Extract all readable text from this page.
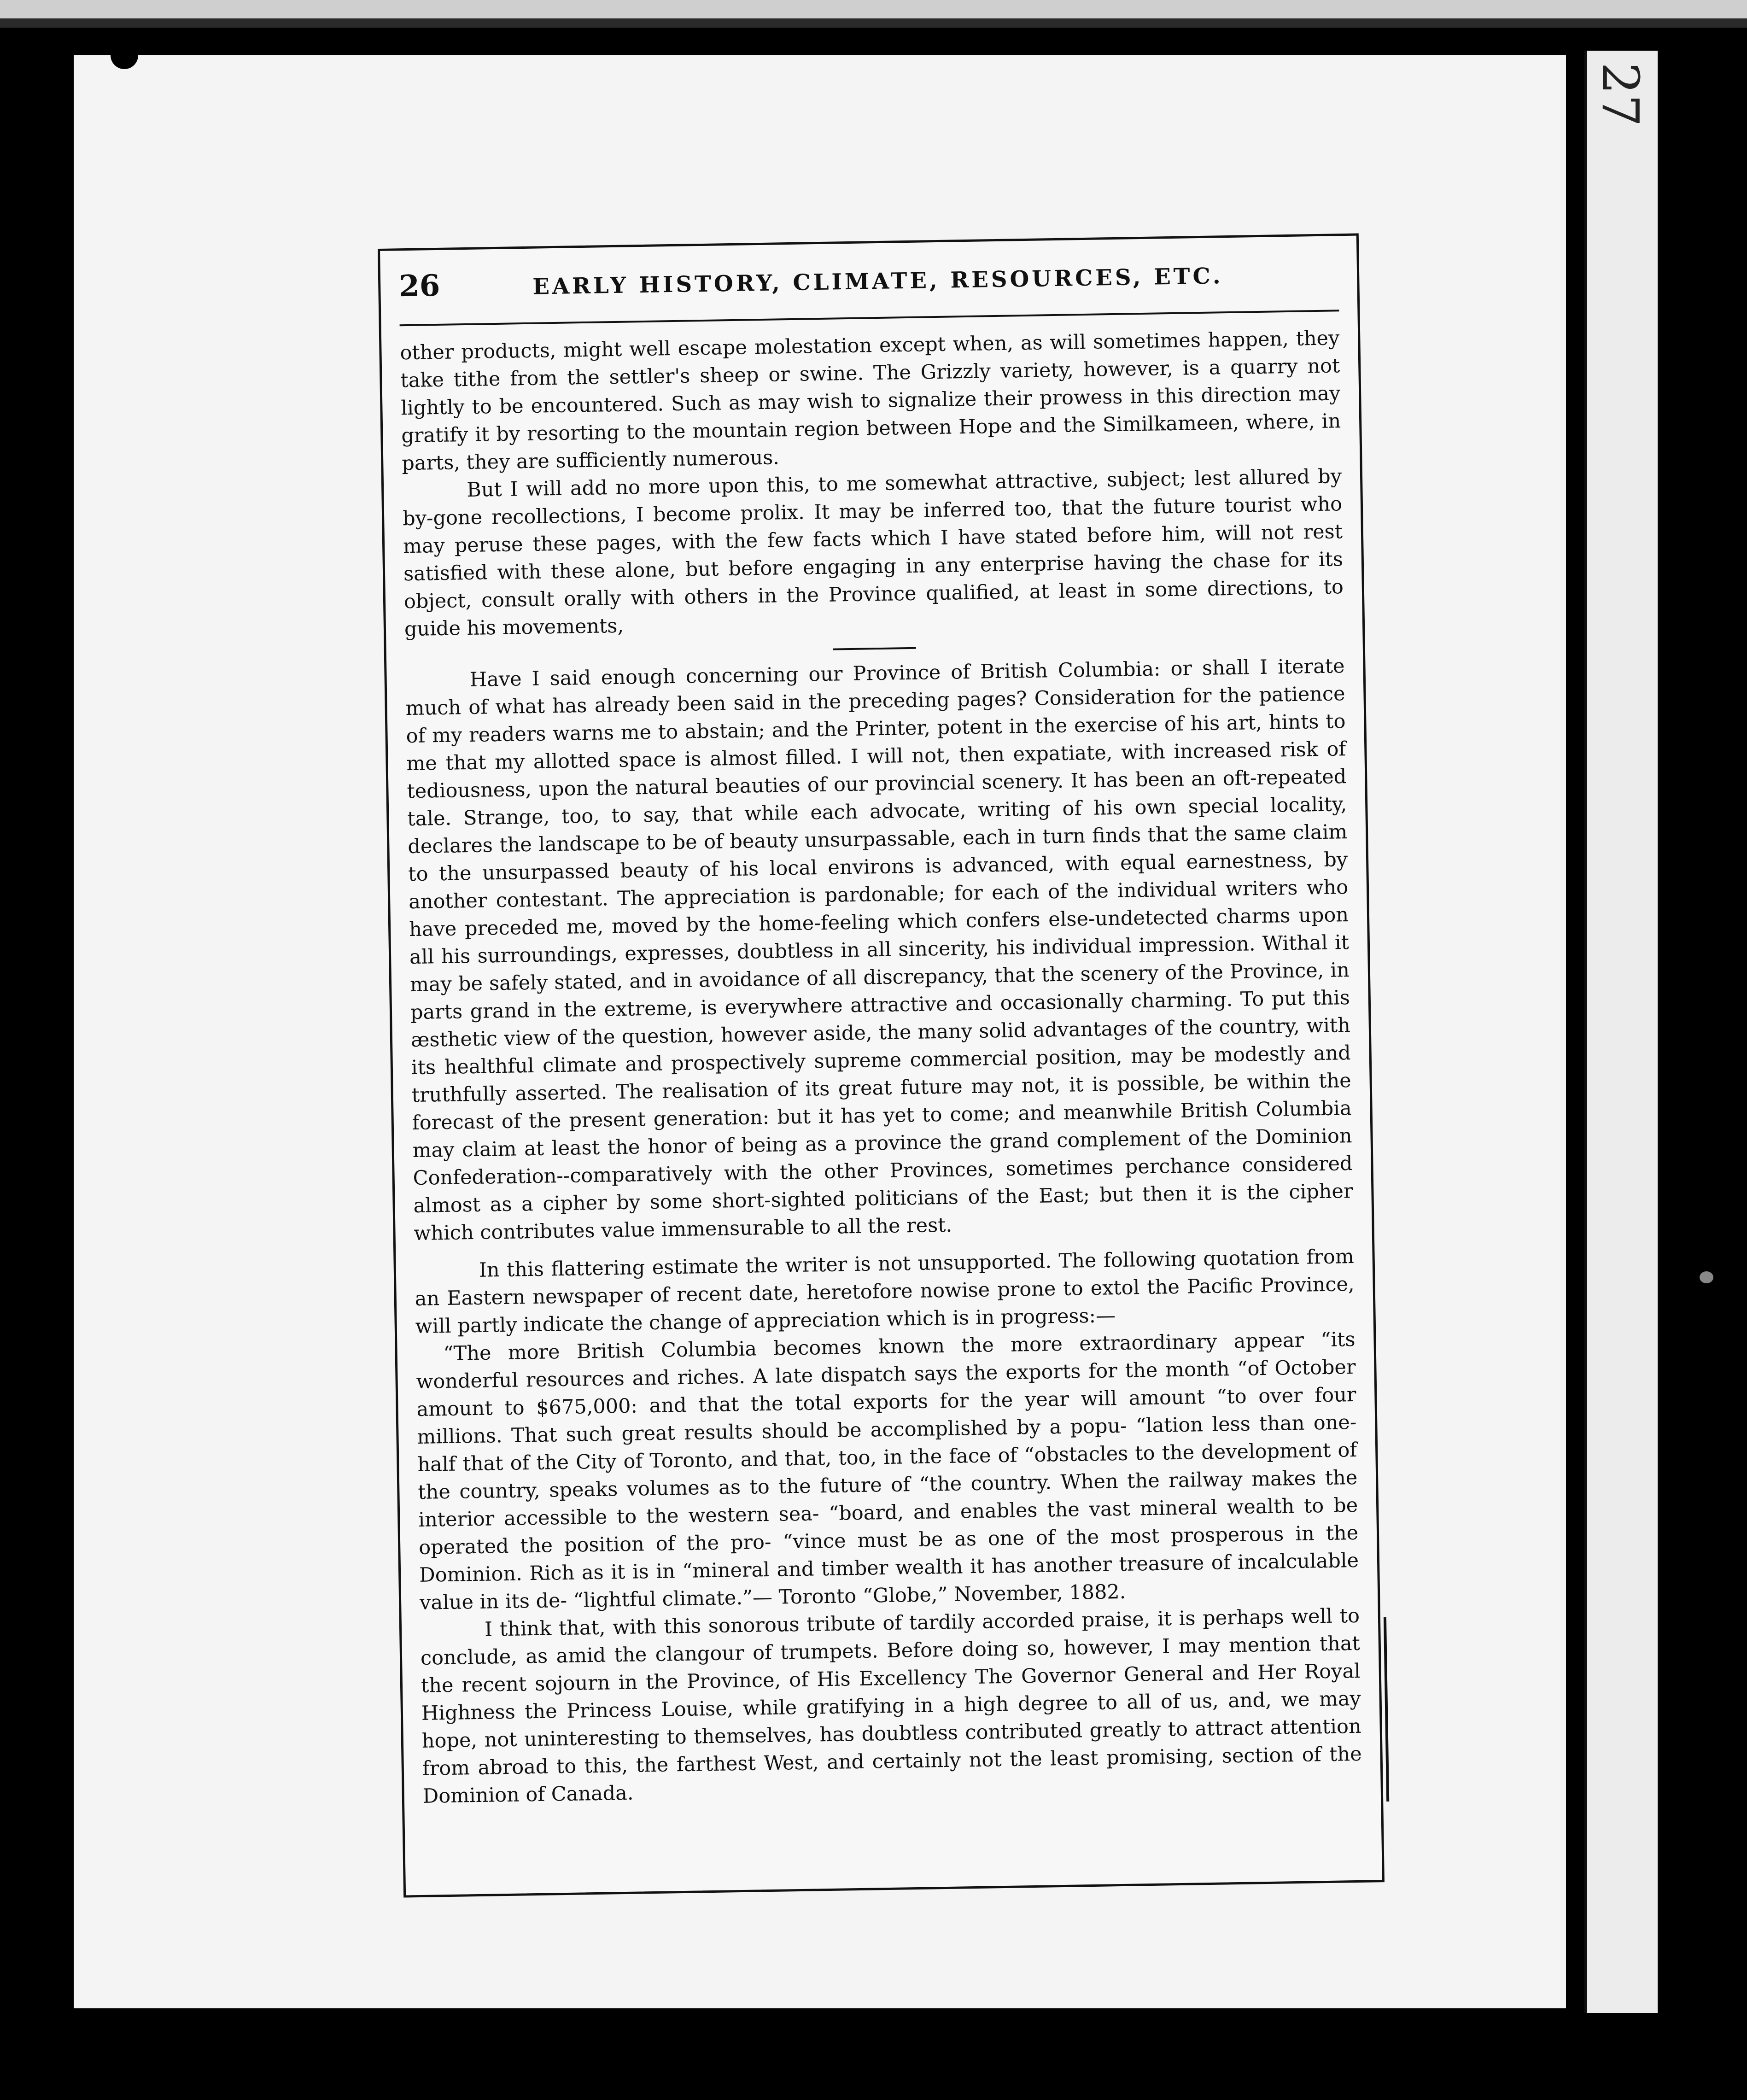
27
26	EARLY HISTORY, CLIMATE, RESOURCES, ETC.

other products, might well escape molestation except when, as will sometimes happen, they take tithe from the settler's sheep or swine. The Grizzly variety, however, is a quarry not lightly to be encountered. Such as may wish to signalize their prowess in this direction may gratify it by resorting to the mountain region between Hope and the Similkameen, where, in parts, they are sufficiently numerous.

But I will add no more upon this, to me somewhat attractive, subject; lest allured by by-gone recollections, I become prolix. It may be inferred too, that the future tourist who may peruse these pages, with the few facts which I have stated before him, will not rest satisfied with these alone, but before engaging in any enterprise having the chase for its object, consult orally with others in the Province qualified, at least in some directions, to guide his movements,

Have I said enough concerning our Province of British Columbia: or shall I iterate much of what has already been said in the preceding pages? Consideration for the patience of my readers warns me to abstain; and the Printer, potent in the exercise of his art, hints to me that my allotted space is almost filled. I will not, then expatiate, with increased risk of tediousness, upon the natural beauties of our provincial scenery. It has been an oft-repeated tale. Strange, too, to say, that while each advocate, writing of his own special locality, declares the landscape to be of beauty unsurpassable, each in turn finds that the same claim to the unsurpassed beauty of his local environs is advanced, with equal earnestness, by another contestant. The appreciation is pardonable; for each of the individual writers who have preceded me, moved by the home-feeling which confers else-undetected charms upon all his surroundings, expresses, doubtless in all sincerity, his individual impression. Withal it may be safely stated, and in avoidance of all discrepancy, that the scenery of the Province, in parts grand in the extreme, is everywhere attractive and occasionally charming. To put this æsthetic view of the question, however aside, the many solid advantages of the country, with its healthful climate and prospectively supreme commercial position, may be modestly and truthfully asserted. The realisation of its great future may not, it is possible, be within the forecast of the present generation: but it has yet to come; and meanwhile British Columbia may claim at least the honor of being as a province the grand complement of the Dominion Confederation--comparatively with the other Provinces, sometimes perchance considered almost as a cipher by some short-sighted politicians of the East; but then it is the cipher which contributes value immensurable to all the rest.

In this flattering estimate the writer is not unsupported. The following quotation from an Eastern newspaper of recent date, heretofore nowise prone to extol the Pacific Province, will partly indicate the change of appreciation which is in progress:—

“The more British Columbia becomes known the more extraordinary appear “its wonderful resources and riches. A late dispatch says the exports for the month “of October amount to $675,000: and that the total exports for the year will amount “to over four millions. That such great results should be accomplished by a popu- “lation less than one-half that of the City of Toronto, and that, too, in the face of “obstacles to the development of the country, speaks volumes as to the future of “the country. When the railway makes the interior accessible to the western sea- “board, and enables the vast mineral wealth to be operated the position of the pro- “vince must be as one of the most prosperous in the Dominion. Rich as it is in “mineral and timber wealth it has another treasure of incalculable value in its de- “lightful climate.”— Toronto “Globe,” November, 1882.

I think that, with this sonorous tribute of tardily accorded praise, it is perhaps well to conclude, as amid the clangour of trumpets. Before doing so, however, I may mention that the recent sojourn in the Province, of His Excellency The Governor General and Her Royal Highness the Princess Louise, while gratifying in a high degree to all of us, and, we may hope, not uninteresting to themselves, has doubtless contributed greatly to attract attention from abroad to this, the farthest West, and certainly not the least promising, section of the Dominion of Canada.
